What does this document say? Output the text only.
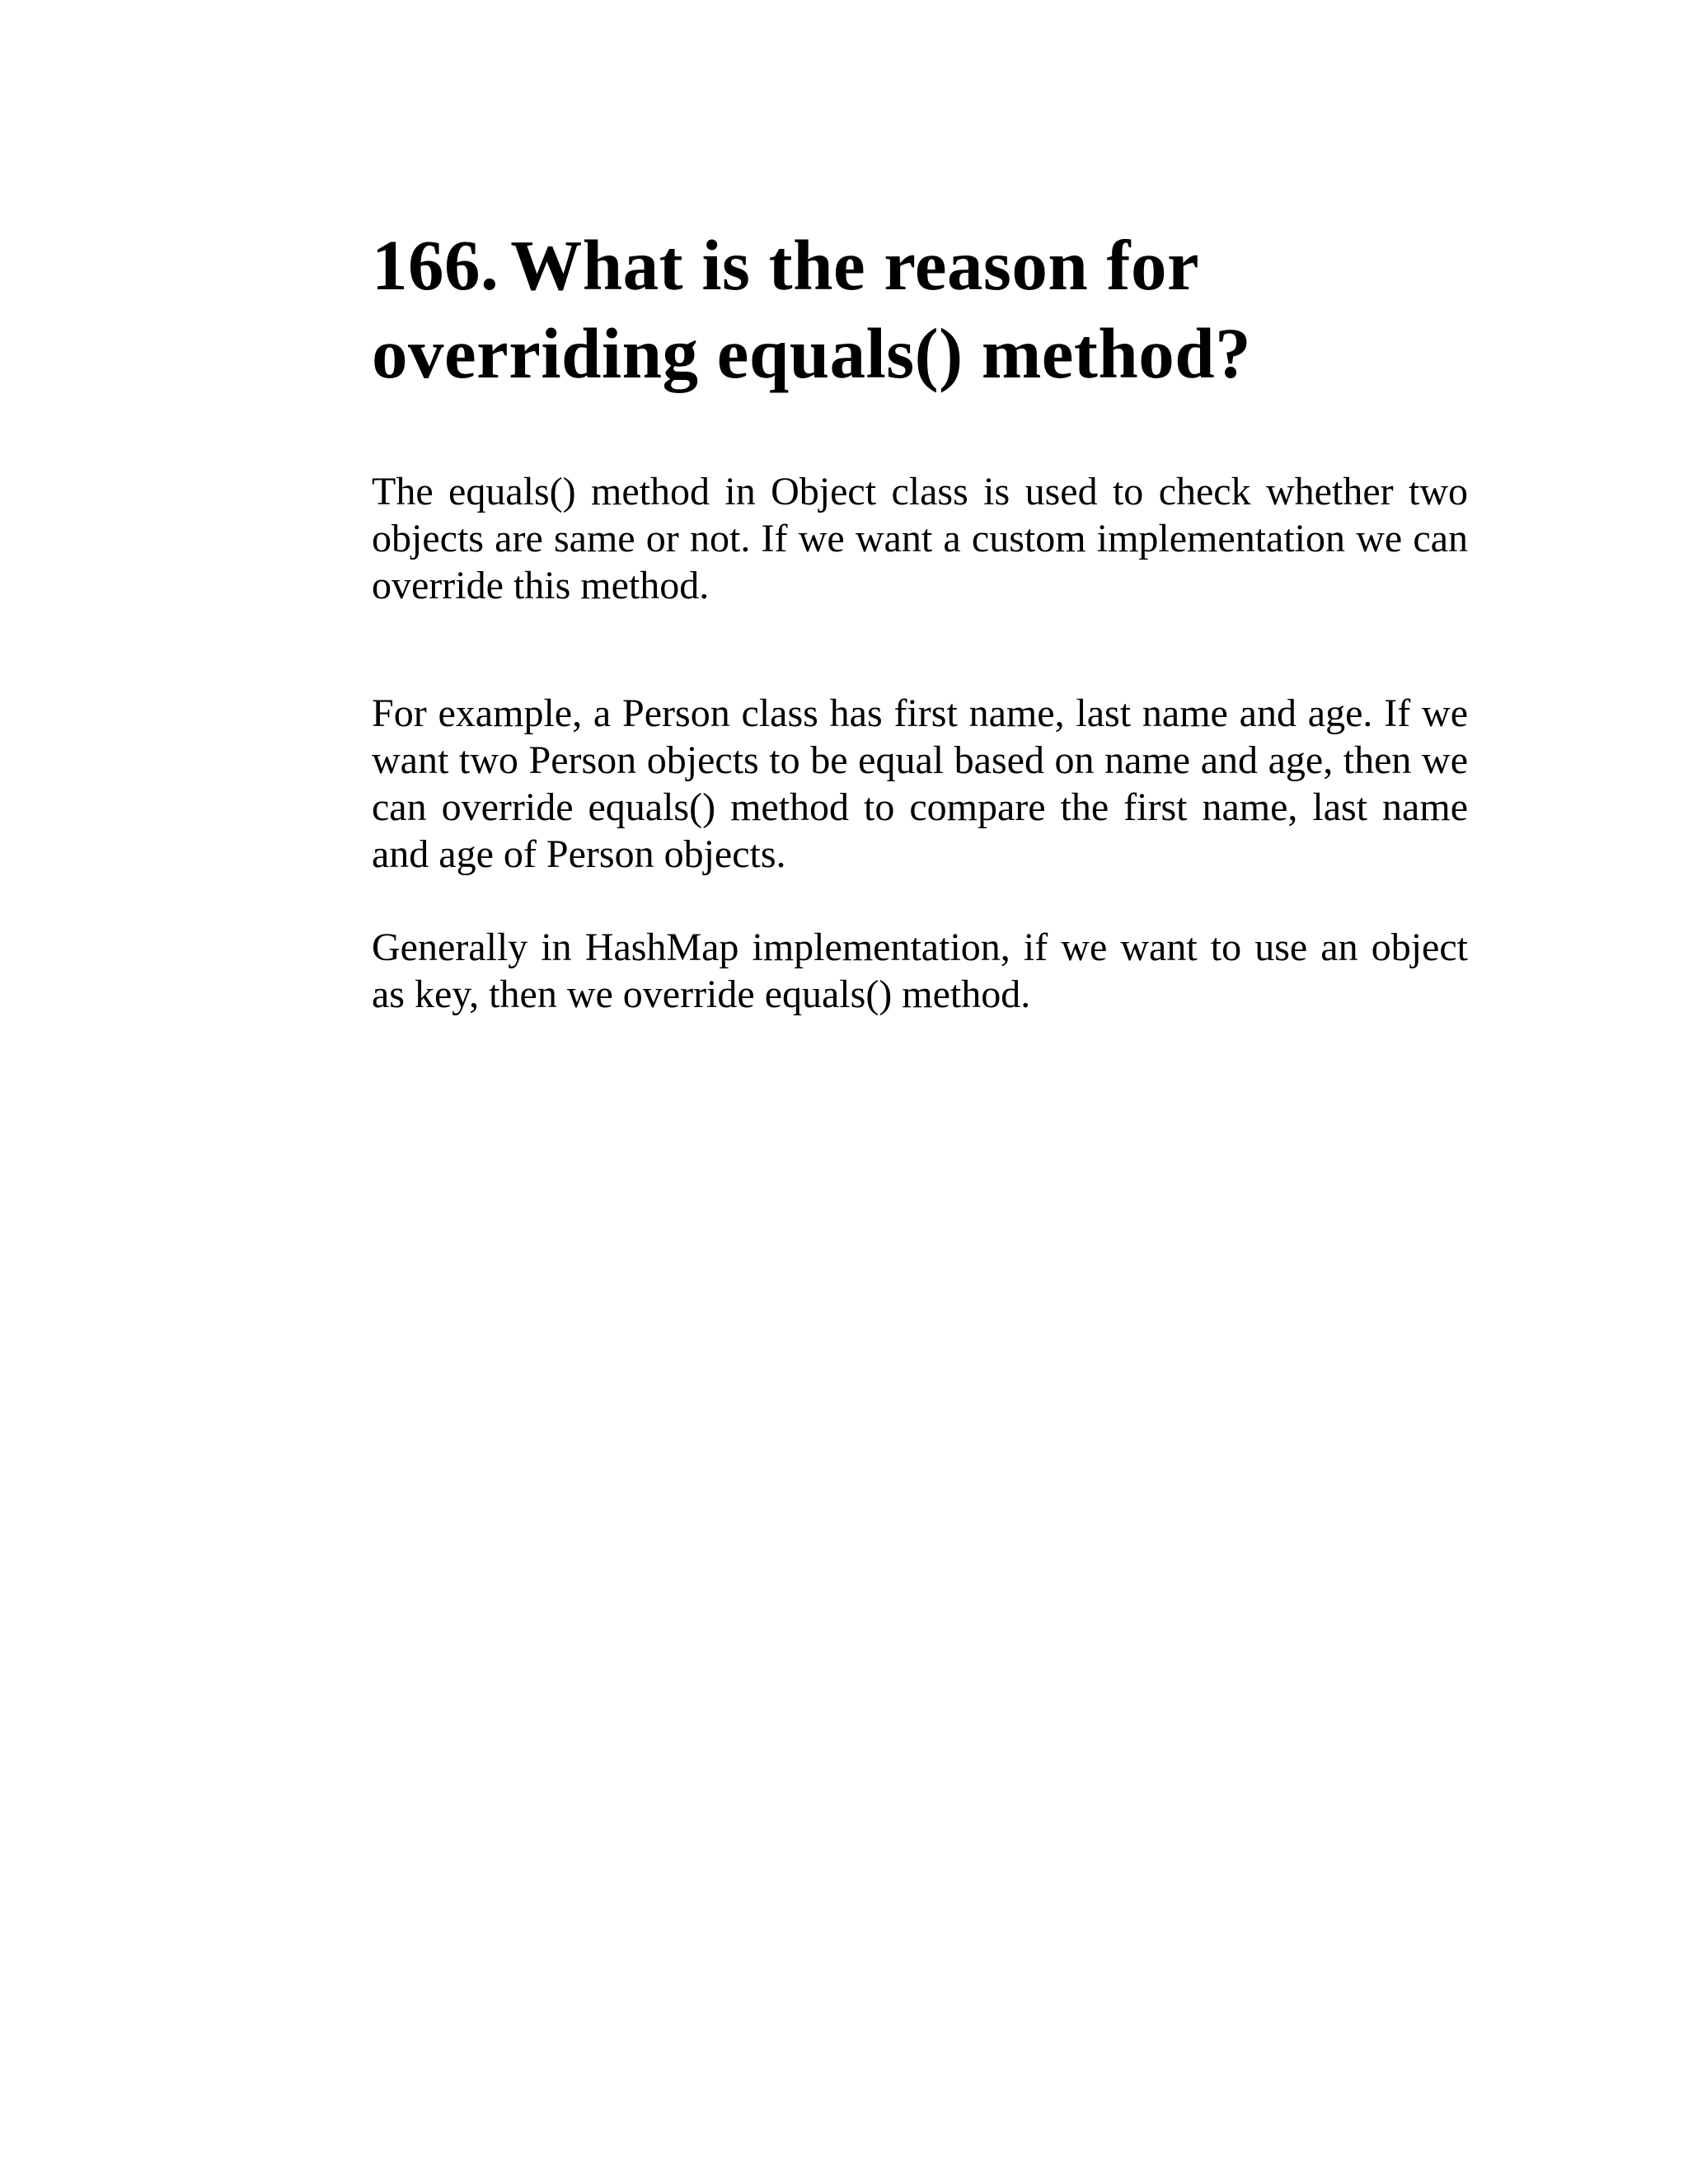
166. What is the reason for overriding equals() method?

The equals() method in Object class is used to check whether two objects are same or not. If we want a custom implementation we can override this method.

For example, a Person class has first name, last name and age. If we want two Person objects to be equal based on name and age, then we can override equals() method to compare the first name, last name and age of Person objects.

Generally in HashMap implementation, if we want to use an object as key, then we override equals() method.
